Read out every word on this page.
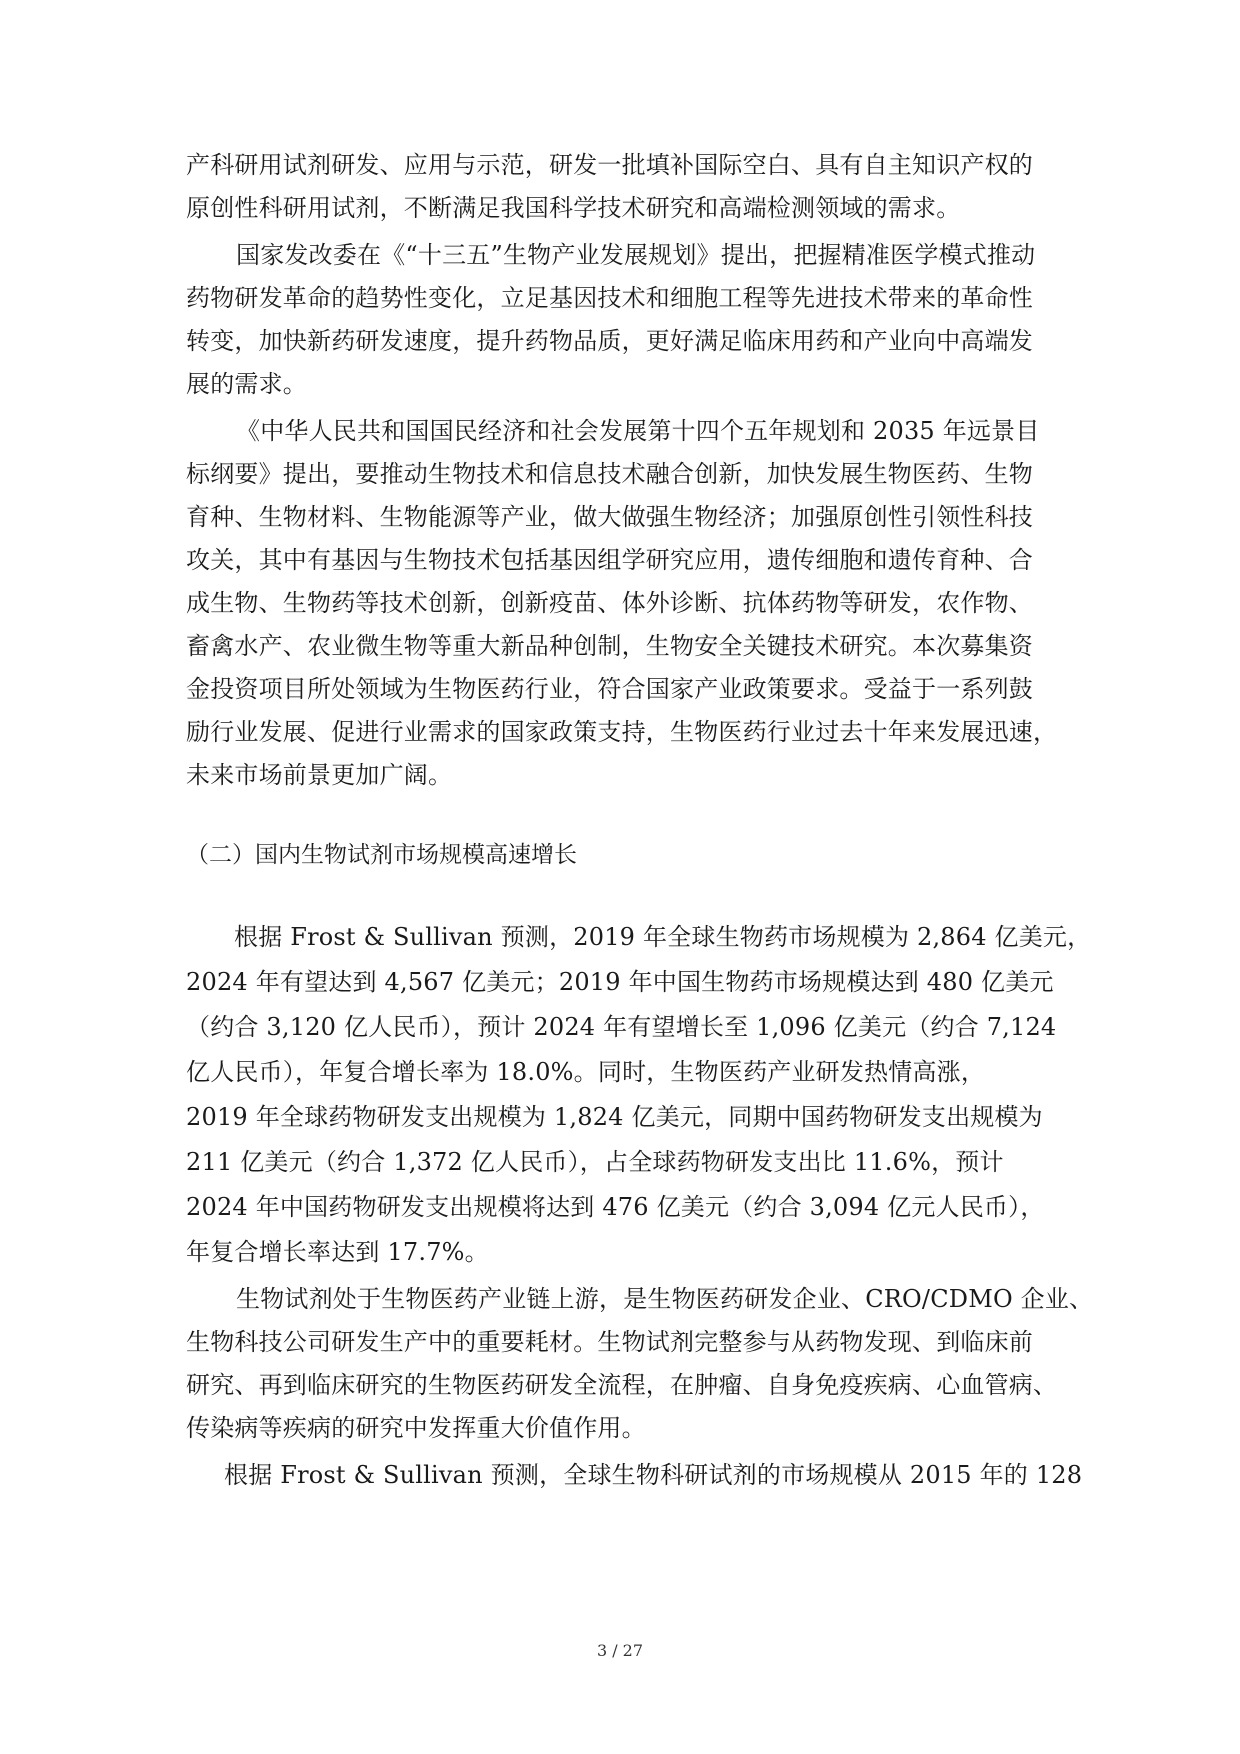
产科研用试剂研发、应用与示范，研发一批填补国际空白、具有自主知识产权的
原创性科研用试剂，不断满足我国科学技术研究和高端检测领域的需求。
国家发改委在《“十三五”生物产业发展规划》提出，把握精准医学模式推动
药物研发革命的趋势性变化，立足基因技术和细胞工程等先进技术带来的革命性
转变，加快新药研发速度，提升药物品质，更好满足临床用药和产业向中高端发
展的需求。
《中华人民共和国国民经济和社会发展第十四个五年规划和 2035 年远景目
标纲要》提出，要推动生物技术和信息技术融合创新，加快发展生物医药、生物
育种、生物材料、生物能源等产业，做大做强生物经济；加强原创性引领性科技
攻关，其中有基因与生物技术包括基因组学研究应用，遗传细胞和遗传育种、合
成生物、生物药等技术创新，创新疫苗、体外诊断、抗体药物等研发，农作物、
畜禽水产、农业微生物等重大新品种创制，生物安全关键技术研究。本次募集资
金投资项目所处领域为生物医药行业，符合国家产业政策要求。受益于一系列鼓
励行业发展、促进行业需求的国家政策支持，生物医药行业过去十年来发展迅速，
未来市场前景更加广阔。
（二）国内生物试剂市场规模高速增长
根据 Frost & Sullivan 预测，2019 年全球生物药市场规模为 2,864 亿美元，
2024 年有望达到 4,567 亿美元；2019 年中国生物药市场规模达到 480 亿美元
（约合 3,120 亿人民币），预计 2024 年有望增长至 1,096 亿美元（约合 7,124
亿人民币），年复合增长率为 18.0%。同时，生物医药产业研发热情高涨，
2019 年全球药物研发支出规模为 1,824 亿美元，同期中国药物研发支出规模为
211 亿美元（约合 1,372 亿人民币），占全球药物研发支出比 11.6%，预计
2024 年中国药物研发支出规模将达到 476 亿美元（约合 3,094 亿元人民币），
年复合增长率达到 17.7%。
生物试剂处于生物医药产业链上游，是生物医药研发企业、CRO/CDMO 企业、
生物科技公司研发生产中的重要耗材。生物试剂完整参与从药物发现、到临床前
研究、再到临床研究的生物医药研发全流程，在肿瘤、自身免疫疾病、心血管病、
传染病等疾病的研究中发挥重大价值作用。
根据 Frost & Sullivan 预测，全球生物科研试剂的市场规模从 2015 年的 128
3 / 27
